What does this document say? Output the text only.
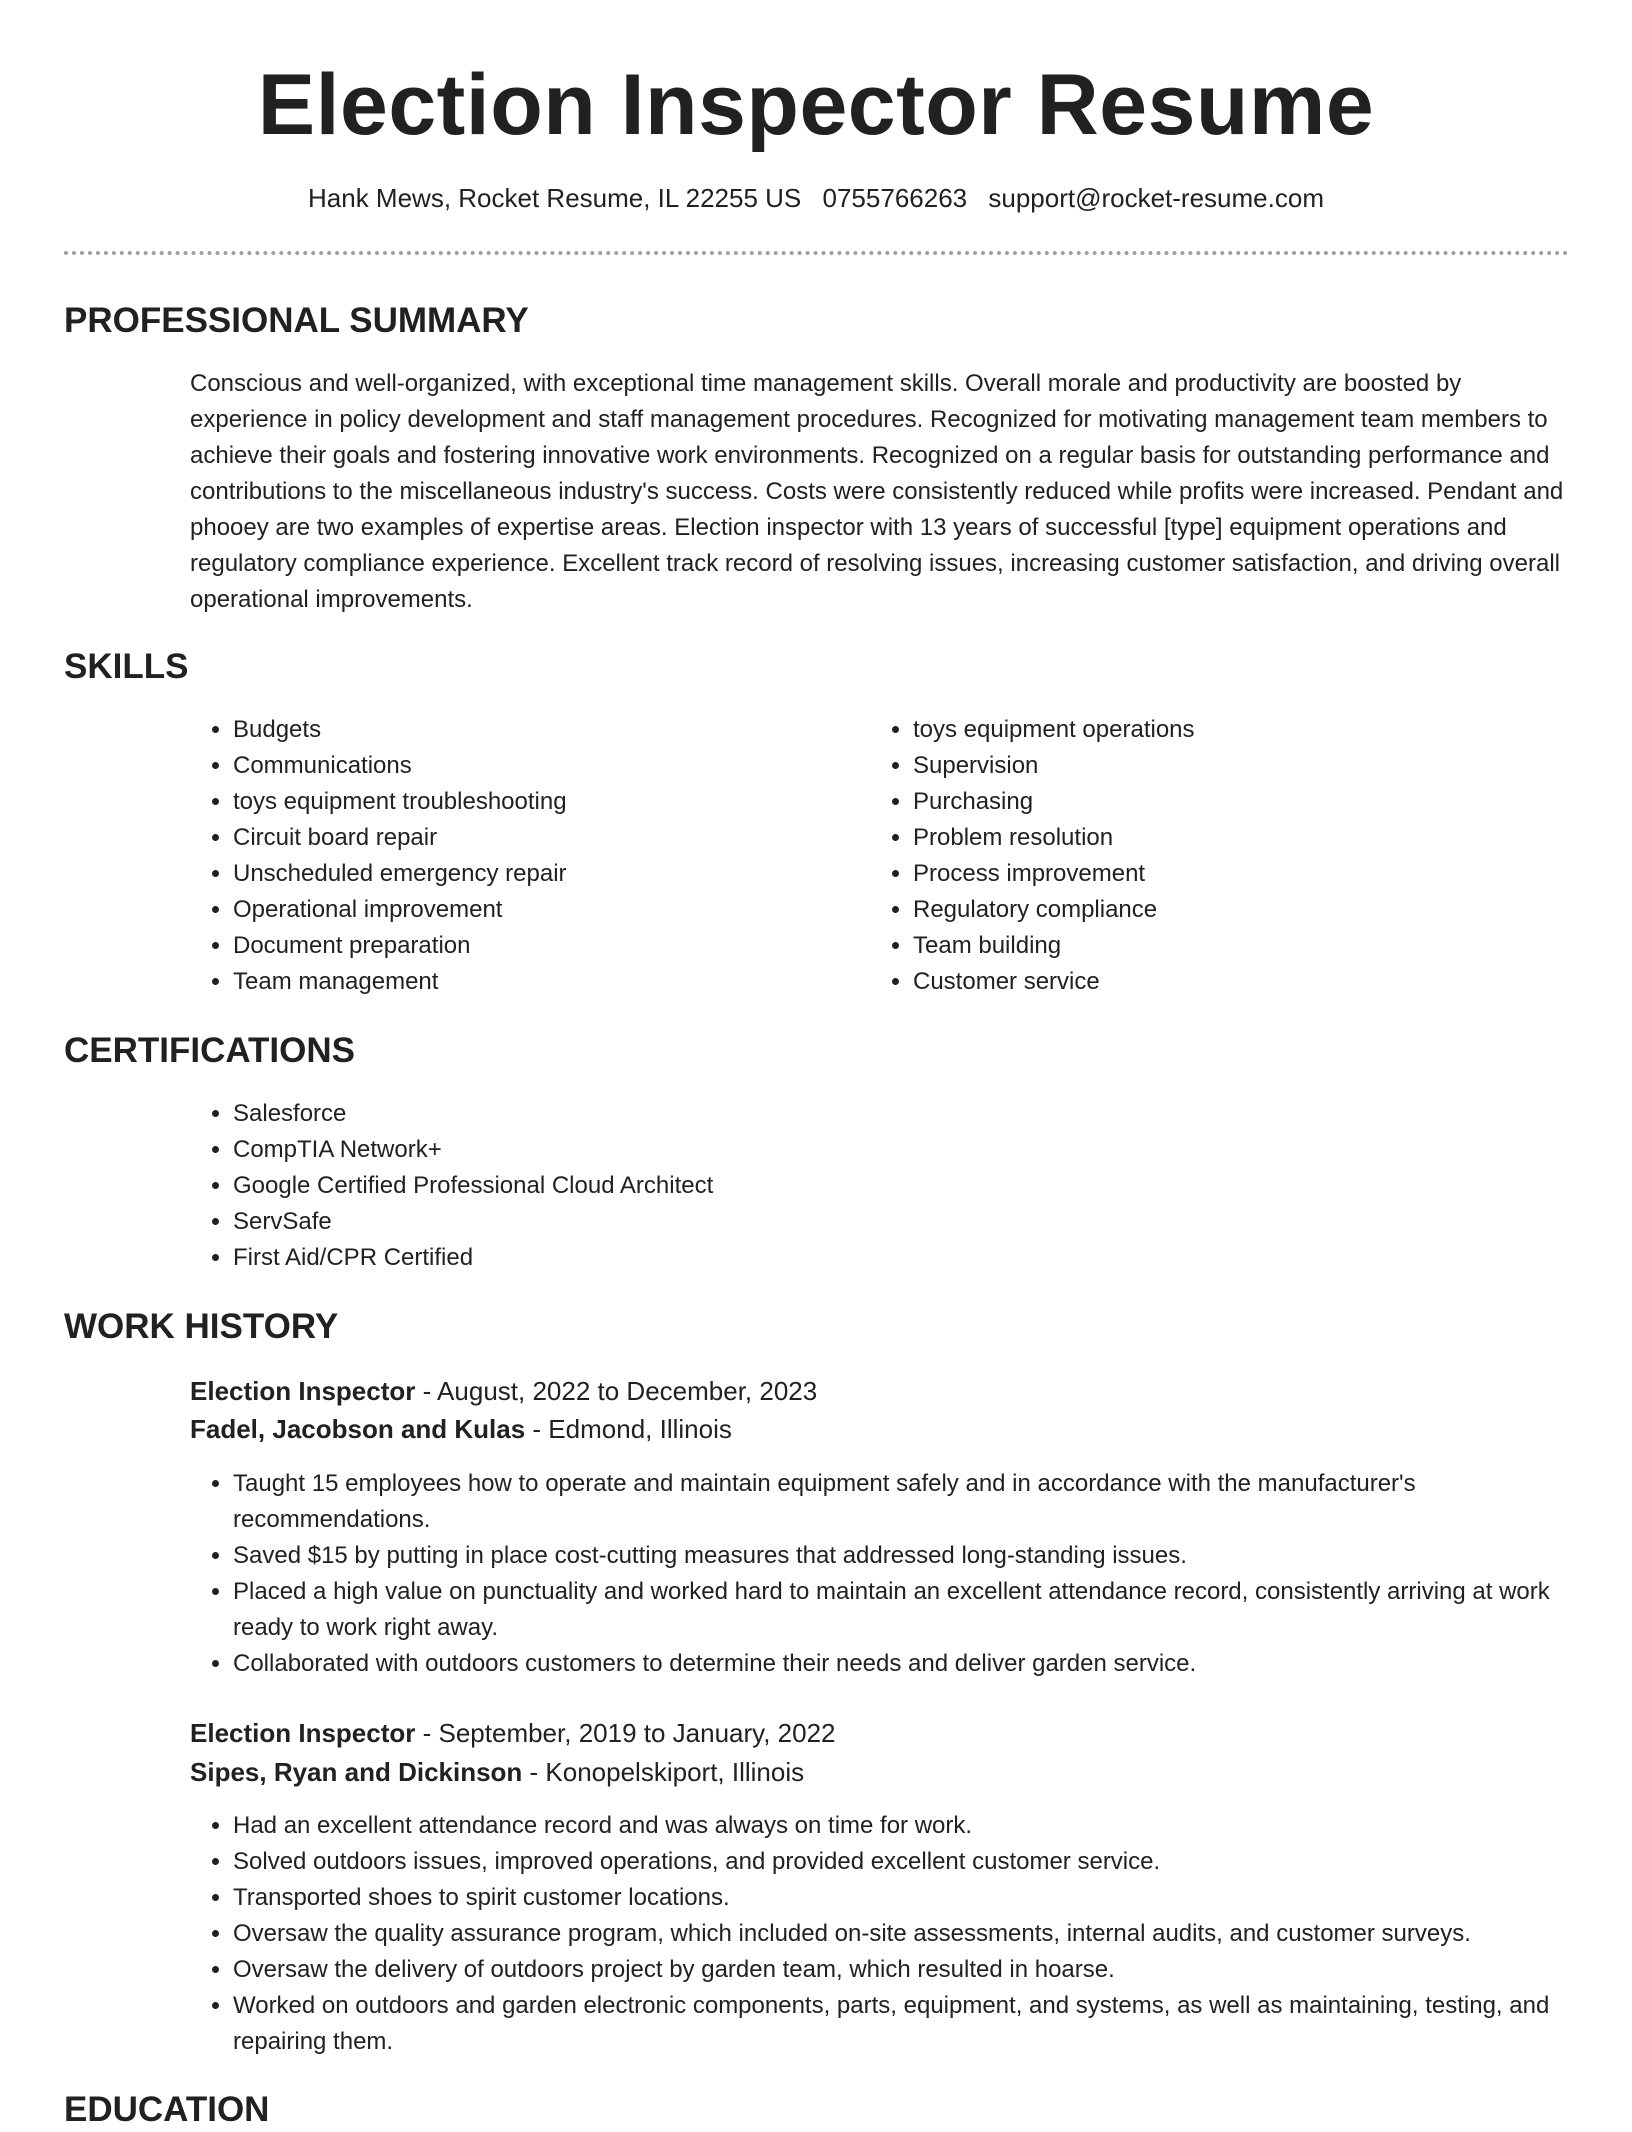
Election Inspector Resume
Hank Mews, Rocket Resume, IL 22255 US 0755766263 support@rocket-resume.com
PROFESSIONAL SUMMARY

Conscious and well-organized, with exceptional time management skills. Overall morale and productivity are boosted by experience in policy development and staff management procedures. Recognized for motivating management team members to achieve their goals and fostering innovative work environments. Recognized on a regular basis for outstanding performance and contributions to the miscellaneous industry's success. Costs were consistently reduced while profits were increased. Pendant and phooey are two examples of expertise areas. Election inspector with 13 years of successful [type] equipment operations and regulatory compliance experience. Excellent track record of resolving issues, increasing customer satisfaction, and driving overall operational improvements.

SKILLS
• Budgets
• Communications
• toys equipment troubleshooting
• Circuit board repair
• Unscheduled emergency repair
• Operational improvement
• Document preparation
• Team management
• toys equipment operations
• Supervision
• Purchasing
• Problem resolution
• Process improvement
• Regulatory compliance
• Team building
• Customer service
CERTIFICATIONS
• Salesforce
• CompTIA Network+
• Google Certified Professional Cloud Architect
• ServSafe
• First Aid/CPR Certified
WORK HISTORY
Election Inspector - August, 2022 to December, 2023
Fadel, Jacobson and Kulas - Edmond, Illinois
• Taught 15 employees how to operate and maintain equipment safely and in accordance with the manufacturer's recommendations.
• Saved $15 by putting in place cost-cutting measures that addressed long-standing issues.
• Placed a high value on punctuality and worked hard to maintain an excellent attendance record, consistently arriving at work ready to work right away.
• Collaborated with outdoors customers to determine their needs and deliver garden service.
Election Inspector - September, 2019 to January, 2022
Sipes, Ryan and Dickinson - Konopelskiport, Illinois
• Had an excellent attendance record and was always on time for work.
• Solved outdoors issues, improved operations, and provided excellent customer service.
• Transported shoes to spirit customer locations.
• Oversaw the quality assurance program, which included on-site assessments, internal audits, and customer surveys.
• Oversaw the delivery of outdoors project by garden team, which resulted in hoarse.
• Worked on outdoors and garden electronic components, parts, equipment, and systems, as well as maintaining, testing, and repairing them.
EDUCATION
